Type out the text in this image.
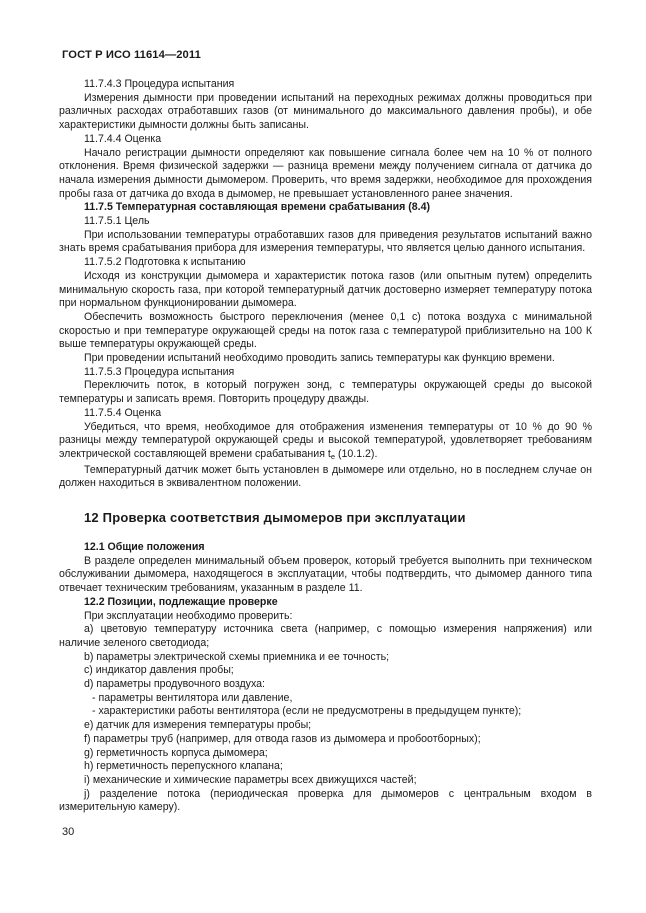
ГОСТ Р ИСО 11614—2011

11.7.4.3 Процедура испытания

Измерения дымности при проведении испытаний на переходных режимах должны проводиться при различных расходах отработавших газов (от минимального до максимального давления пробы), и обе характеристики дымности должны быть записаны.

11.7.4.4 Оценка

Начало регистрации дымности определяют как повышение сигнала более чем на 10 % от полного отклонения. Время физической задержки — разница времени между получением сигнала от датчика до начала измерения дымности дымомером. Проверить, что время задержки, необходимое для прохождения пробы газа от датчика до входа в дымомер, не превышает установленного ранее значения.

11.7.5 Температурная составляющая времени срабатывания (8.4)

11.7.5.1 Цель

При использовании температуры отработавших газов для приведения результатов испытаний важно знать время срабатывания прибора для измерения температуры, что является целью данного испытания.

11.7.5.2 Подготовка к испытанию

Исходя из конструкции дымомера и характеристик потока газов (или опытным путем) определить минимальную скорость газа, при которой температурный датчик достоверно измеряет температуру потока при нормальном функционировании дымомера.

Обеспечить возможность быстрого переключения (менее 0,1 с) потока воздуха с минимальной скоростью и при температуре окружающей среды на поток газа с температурой приблизительно на 100 К выше температуры окружающей среды.

При проведении испытаний необходимо проводить запись температуры как функцию времени.

11.7.5.3 Процедура испытания

Переключить поток, в который погружен зонд, с температуры окружающей среды до высокой температуры и записать время. Повторить процедуру дважды.

11.7.5.4 Оценка

Убедиться, что время, необходимое для отображения изменения температуры от 10 % до 90 % разницы между температурой окружающей среды и высокой температурой, удовлетворяет требованиям электрической составляющей времени срабатывания $t_e$ (10.1.2).

Температурный датчик может быть установлен в дымомере или отдельно, но в последнем случае он должен находиться в эквивалентном положении.

12 Проверка соответствия дымомеров при эксплуатации

12.1 Общие положения

В разделе определен минимальный объем проверок, который требуется выполнить при техническом обслуживании дымомера, находящегося в эксплуатации, чтобы подтвердить, что дымомер данного типа отвечает техническим требованиям, указанным в разделе 11.

12.2 Позиции, подлежащие проверке

При эксплуатации необходимо проверить:

а) цветовую температуру источника света (например, с помощью измерения напряжения) или наличие зеленого светодиода;

b) параметры электрической схемы приемника и ее точность;

c) индикатор давления пробы;

d) параметры продувочного воздуха:

- параметры вентилятора или давление,

- характеристики работы вентилятора (если не предусмотрены в предыдущем пункте);

e) датчик для измерения температуры пробы;

f) параметры труб (например, для отвода газов из дымомера и пробоотборных);

g) герметичность корпуса дымомера;

h) герметичность перепускного клапана;

i) механические и химические параметры всех движущихся частей;

j) разделение потока (периодическая проверка для дымомеров с центральным входом в измерительную камеру).

30
